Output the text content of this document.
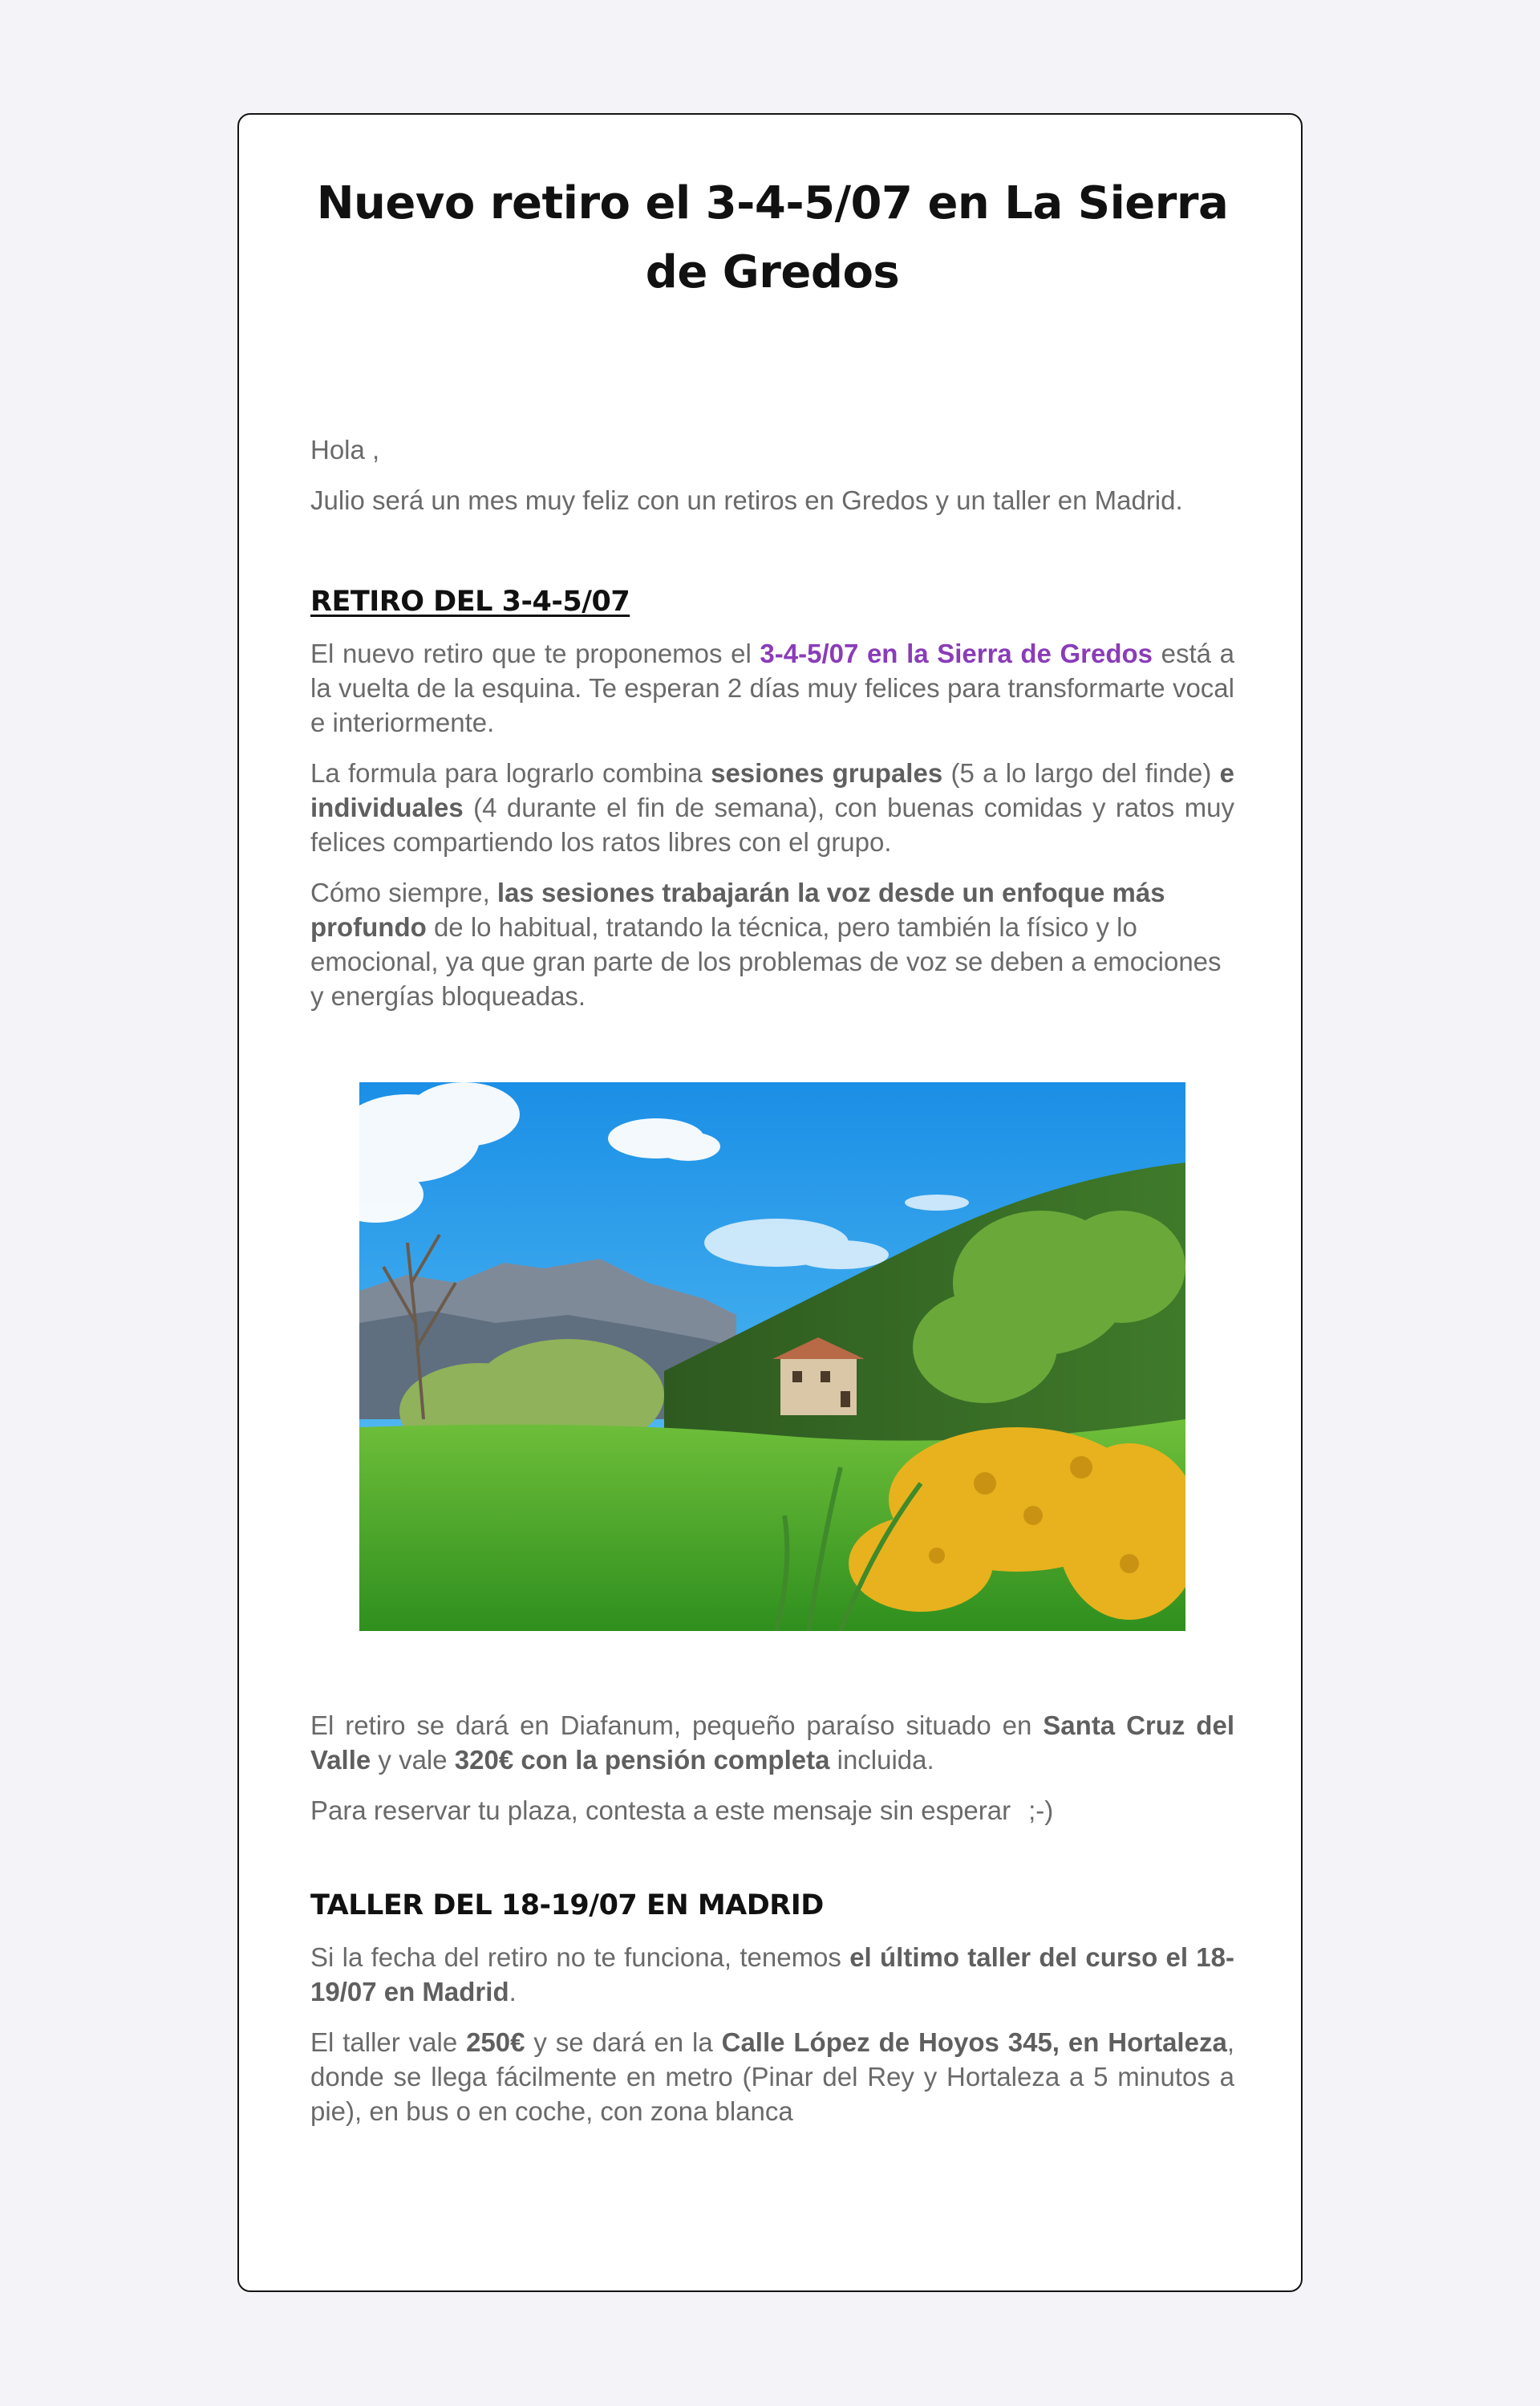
Nuevo retiro el 3-4-5/07 en La Sierra de Gredos

Hola ,

Julio será un mes muy feliz con un retiros en Gredos y un taller en Madrid.

RETIRO DEL 3-4-5/07

El nuevo retiro que te proponemos el 3-4-5/07 en la Sierra de Gredos está a la vuelta de la esquina. Te esperan 2 días muy felices para transformarte vocal e interiormente.

La formula para lograrlo combina sesiones grupales (5 a lo largo del finde) e individuales (4 durante el fin de semana), con buenas comidas y ratos muy felices compartiendo los ratos libres con el grupo.

Cómo siempre, las sesiones trabajarán la voz desde un enfoque más profundo de lo habitual, tratando la técnica, pero también la físico y lo emocional, ya que gran parte de los problemas de voz se deben a emociones y energías bloqueadas.

El retiro se dará en Diafanum, pequeño paraíso situado en Santa Cruz del Valle y vale 320€ con la pensión completa incluida.

Para reservar tu plaza, contesta a este mensaje sin esperar ;-)

TALLER DEL 18-19/07 EN MADRID

Si la fecha del retiro no te funciona, tenemos el último taller del curso el 18-19/07 en Madrid.

El taller vale 250€ y se dará en la Calle López de Hoyos 345, en Hortaleza, donde se llega fácilmente en metro (Pinar del Rey y Hortaleza a 5 minutos a pie), en bus o en coche, con zona blanca
